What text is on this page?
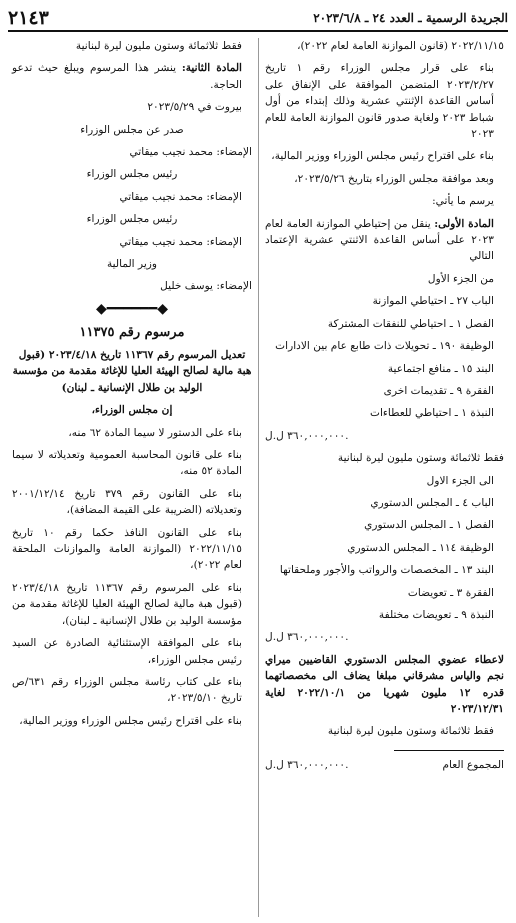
الجريدة الرسمية ـ العدد ٢٤ ـ ٢٠٢٣/٦/٨
٢١٤٣

٢٠٢٢/١١/١٥ (قانون الموازنة العامة لعام ٢٠٢٢)،

بناء على قرار مجلس الوزراء رقم ١ تاريخ ٢٠٢٣/٢/٢٧ المتضمن الموافقة على الإنفاق على أساس القاعدة الإثنتي عشرية وذلك إبتداء من أول شباط ٢٠٢٣ ولغاية صدور قانون الموازنة العامة للعام ٢٠٢٣

بناء على اقتراح رئيس مجلس الوزراء ووزير المالية،

وبعد موافقة مجلس الوزراء بتاريخ ٢٠٢٣/٥/٢٦،

يرسم ما يأتي:

المادة الأولى: ينقل من إحتياطي الموازنة العامة لعام ٢٠٢٣ على أساس القاعدة الاثنتي عشرية الإعتماد التالي

من الجزء الأول

الباب ٢٧ ـ احتياطي الموازنة

الفصل ١ ـ احتياطي للنفقات المشتركة

الوظيفة ١٩٠ ـ تحويلات ذات طابع عام بين الادارات

البند ١٥ ـ منافع اجتماعية

الفقرة ٩ ـ تقديمات اخرى

النبذة ١ ـ احتياطي للعطاءات

٣٦٠,٠٠٠,٠٠٠ ل.ل.

فقط ثلاثمائة وستون مليون ليرة لبنانية

الى الجزء الاول

الباب ٤ ـ المجلس الدستوري

الفصل ١ ـ المجلس الدستوري

الوظيفة ١١٤ ـ المجلس الدستوري

البند ١٣ ـ المخصصات والرواتب والأجور وملحقاتها

الفقرة ٣ ـ تعويضات

النبذة ٩ ـ تعويضات مختلفة

٣٦٠,٠٠٠,٠٠٠ ل.ل.

لاعطاء عضوي المجلس الدستوري القاضيين ميراي نجم والياس مشرقاني مبلغا يضاف الى مخصصاتهما قدره ١٢ مليون شهريا من ٢٠٢٢/١٠/١ لغاية ٢٠٢٣/١٢/٣١

فقط ثلاثمائة وستون مليون ليرة لبنانية

المجموع العام
٣٦٠,٠٠٠,٠٠٠ ل.ل.

فقط ثلاثمائة وستون مليون ليرة لبنانية

المادة الثانية: ينشر هذا المرسوم ويبلغ حيث تدعو الحاجة.

بيروت في ٢٠٢٣/٥/٢٩

صدر عن مجلس الوزراء

الإمضاء: محمد نجيب ميقاتي

رئيس مجلس الوزراء

الإمضاء: محمد نجيب ميقاتي

رئيس مجلس الوزراء

الإمضاء: محمد نجيب ميقاتي

وزير المالية

الإمضاء: يوسف خليل

◆━━━━━━◆

مرسوم رقم ١١٣٧٥

تعديل المرسوم رقم ١١٣٦٧ تاريخ ٢٠٢٣/٤/١٨ (قبول هبة مالية لصالح الهيئة العليا للإغاثة مقدمة من مؤسسة الوليد بن طلال الإنسانية ـ لبنان)

إن مجلس الوزراء،

بناء على الدستور لا سيما المادة ٦٢ منه،

بناء على قانون المحاسبة العمومية وتعديلاته لا سيما المادة ٥٢ منه،

بناء على القانون رقم ٣٧٩ تاريخ ٢٠٠١/١٢/١٤ وتعديلاته (الضريبة على القيمة المضافة)،

بناء على القانون النافذ حكما رقم ١٠ تاريخ ٢٠٢٢/١١/١٥ (الموازنة العامة والموازنات الملحقة لعام ٢٠٢٢)،

بناء على المرسوم رقم ١١٣٦٧ تاريخ ٢٠٢٣/٤/١٨ (قبول هبة مالية لصالح الهيئة العليا للإغاثة مقدمة من مؤسسة الوليد بن طلال الإنسانية ـ لبنان)،

بناء على الموافقة الإستثنائية الصادرة عن السيد رئيس مجلس الوزراء،

بناء على كتاب رئاسة مجلس الوزراء رقم ٦٣١/ص تاريخ ٢٠٢٣/٥/١٠،

بناء على اقتراح رئيس مجلس الوزراء ووزير المالية،
